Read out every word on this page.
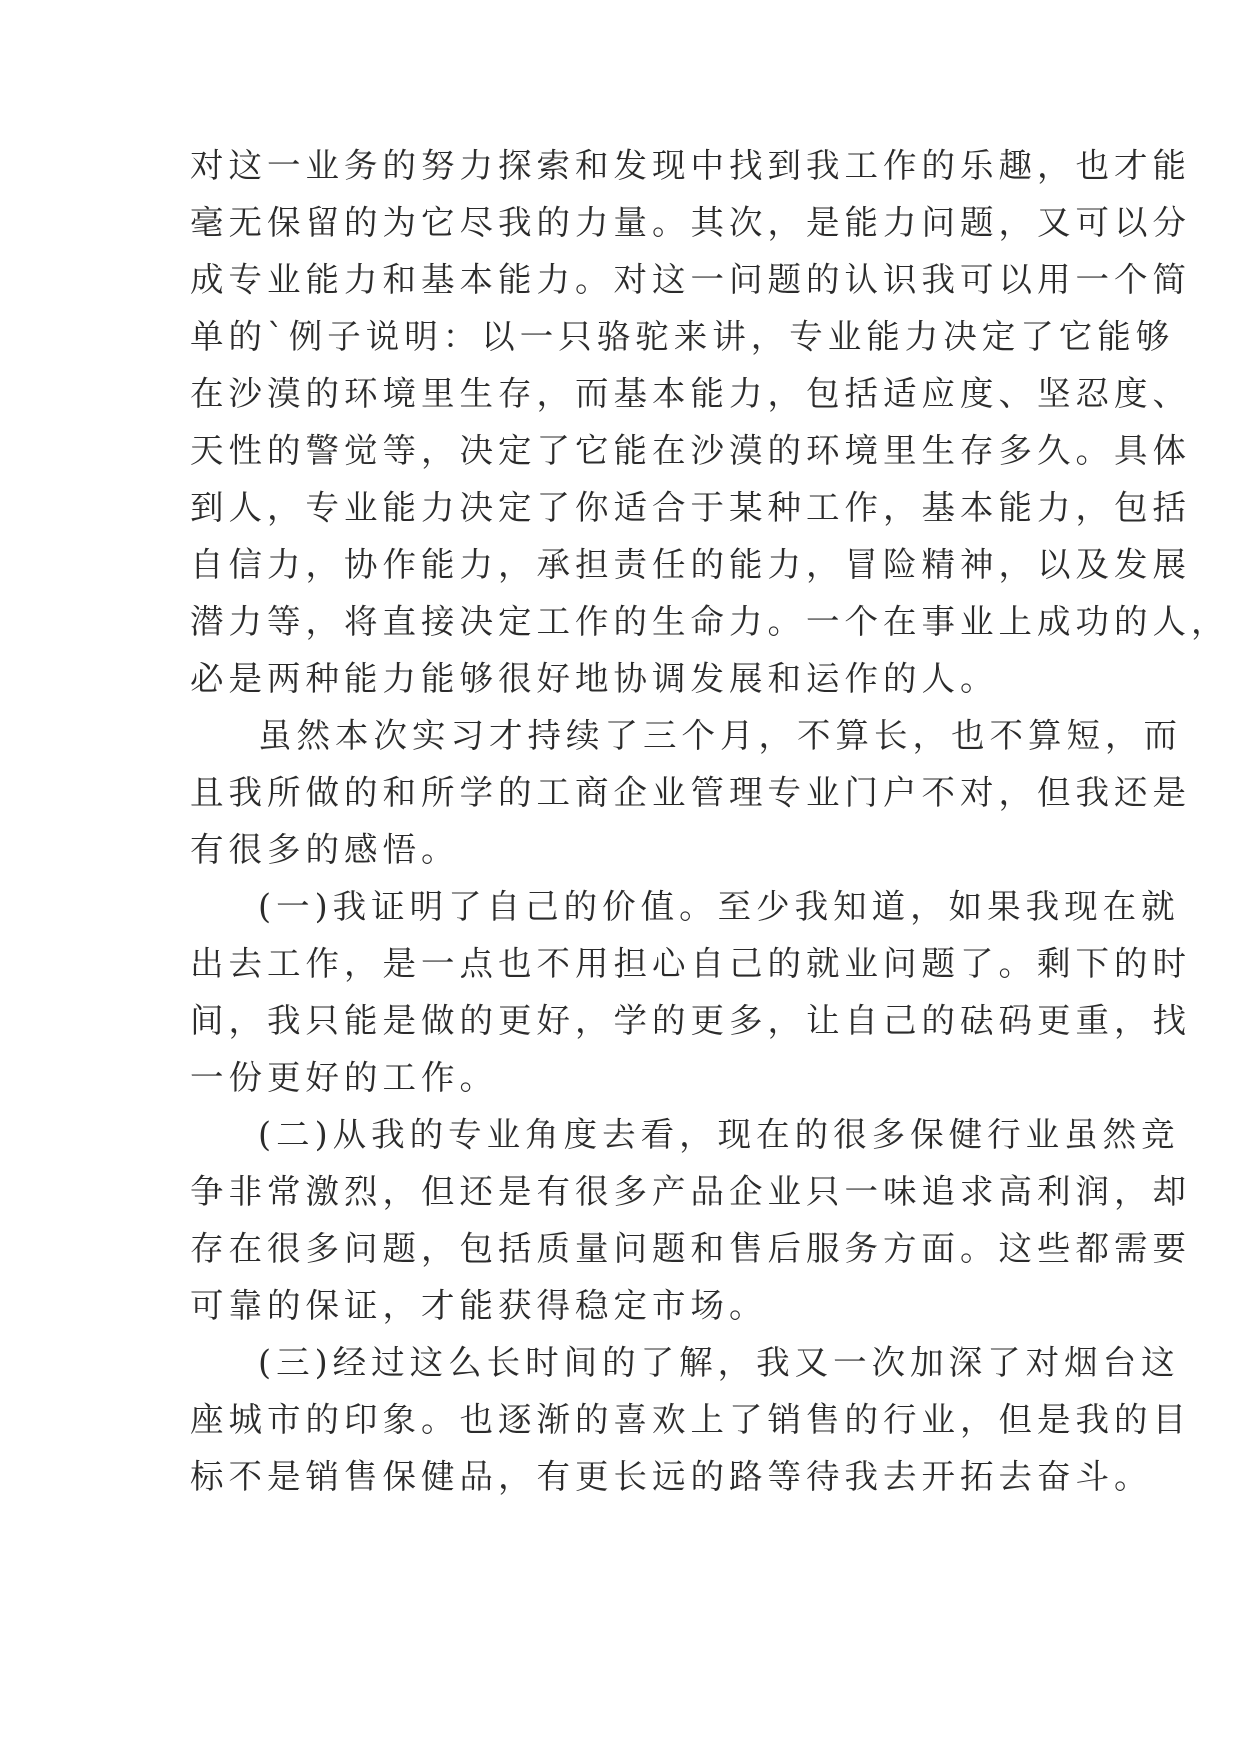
对这一业务的努力探索和发现中找到我工作的乐趣，也才能
毫无保留的为它尽我的力量。其次，是能力问题，又可以分
成专业能力和基本能力。对这一问题的认识我可以用一个简
单的`例子说明：以一只骆驼来讲，专业能力决定了它能够
在沙漠的环境里生存，而基本能力，包括适应度、坚忍度、
天性的警觉等，决定了它能在沙漠的环境里生存多久。具体
到人，专业能力决定了你适合于某种工作，基本能力，包括
自信力，协作能力，承担责任的能力，冒险精神，以及发展
潜力等，将直接决定工作的生命力。一个在事业上成功的人，
必是两种能力能够很好地协调发展和运作的人。
虽然本次实习才持续了三个月，不算长，也不算短，而
且我所做的和所学的工商企业管理专业门户不对，但我还是
有很多的感悟。
(一)我证明了自己的价值。至少我知道，如果我现在就
出去工作，是一点也不用担心自己的就业问题了。剩下的时
间，我只能是做的更好，学的更多，让自己的砝码更重，找
一份更好的工作。
(二)从我的专业角度去看，现在的很多保健行业虽然竞
争非常激烈，但还是有很多产品企业只一味追求高利润，却
存在很多问题，包括质量问题和售后服务方面。这些都需要
可靠的保证，才能获得稳定市场。
(三)经过这么长时间的了解，我又一次加深了对烟台这
座城市的印象。也逐渐的喜欢上了销售的行业，但是我的目
标不是销售保健品，有更长远的路等待我去开拓去奋斗。
